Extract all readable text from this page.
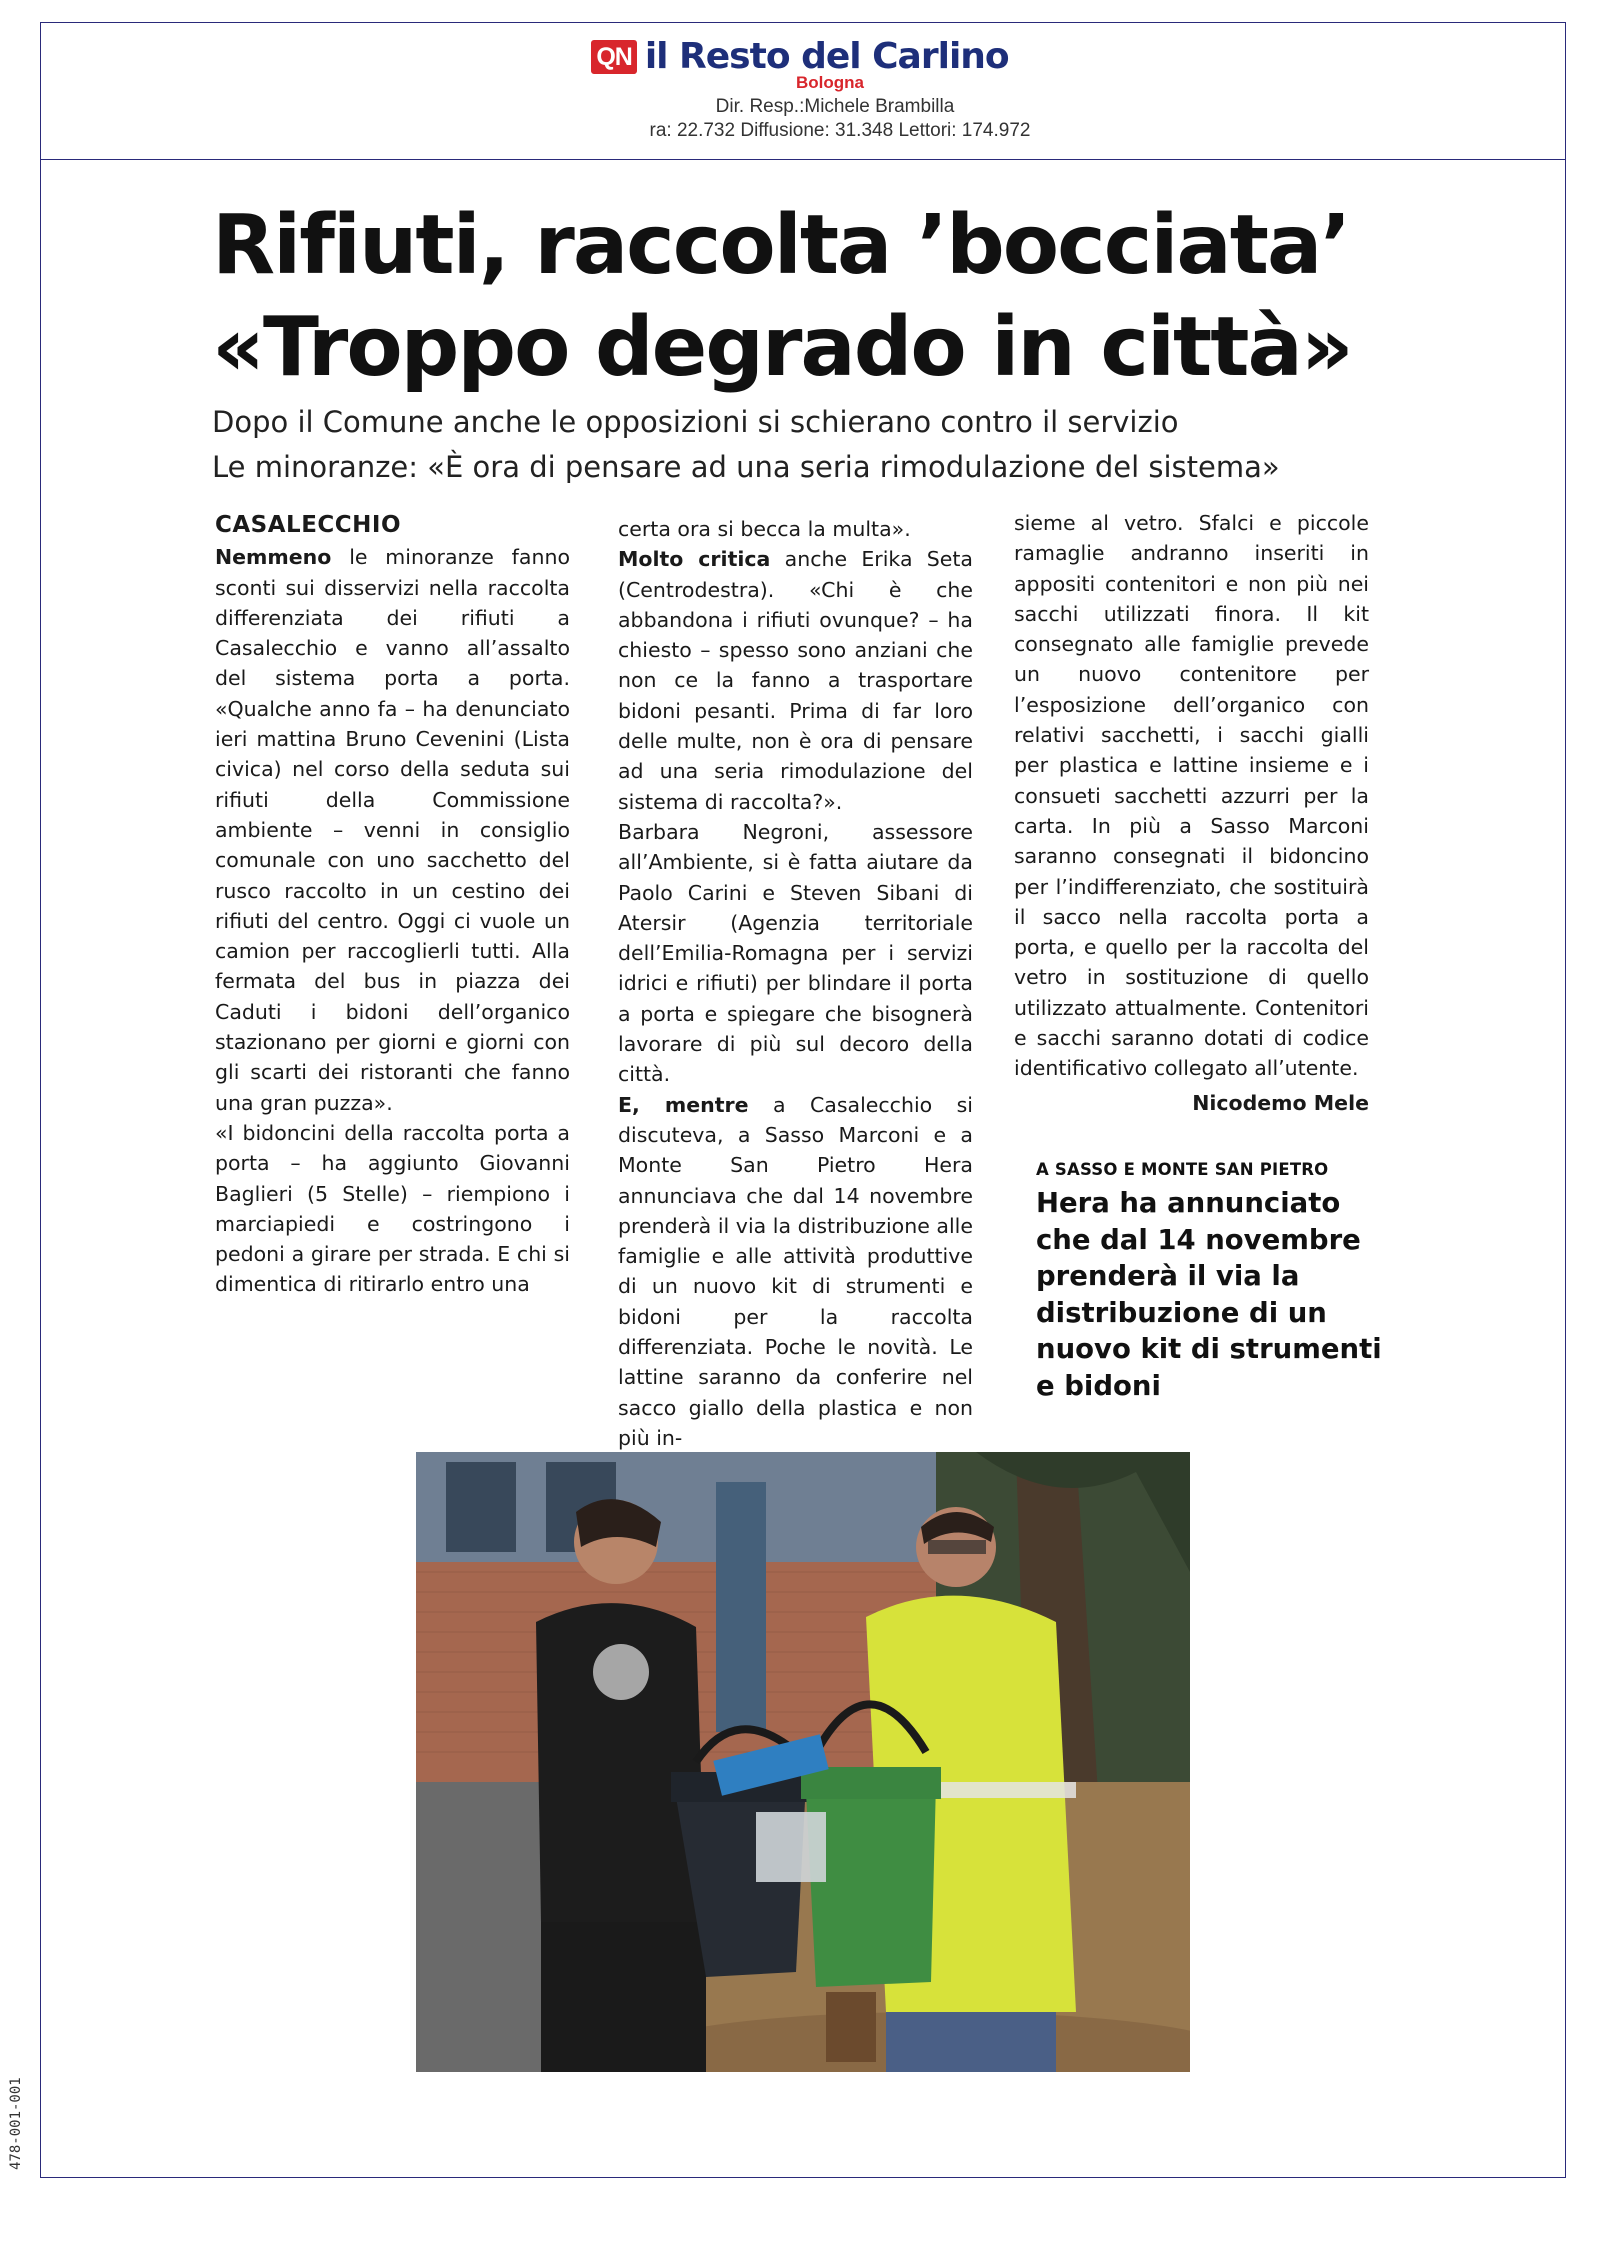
QN il Resto del Carlino
Bologna
Dir. Resp.:Michele Brambilla
ra: 22.732 Diffusione: 31.348 Lettori: 174.972
Rifiuti, raccolta ’bocciata’
«Troppo degrado in città»
Dopo il Comune anche le opposizioni si schierano contro il servizio
Le minoranze: «È ora di pensare ad una seria rimodulazione del sistema»
CASALECCHIO

Nemmeno le minoranze fanno sconti sui disservizi nella raccolta differenziata dei rifiuti a Casalecchio e vanno all’assalto del sistema porta a porta. «Qualche anno fa – ha denunciato ieri mattina Bruno Cevenini (Lista civica) nel corso della seduta sui rifiuti della Commissione ambiente – venni in consiglio comunale con uno sacchetto del rusco raccolto in un cestino dei rifiuti del centro. Oggi ci vuole un camion per raccoglierli tutti. Alla fermata del bus in piazza dei Caduti i bidoni dell’organico stazionano per giorni e giorni con gli scarti dei ristoranti che fanno una gran puzza».

«I bidoncini della raccolta porta a porta – ha aggiunto Giovanni Baglieri (5 Stelle) – riempiono i marciapiedi e costringono i pedoni a girare per strada. E chi si dimentica di ritirarlo entro una

certa ora si becca la multa».

Molto critica anche Erika Seta (Centrodestra). «Chi è che abbandona i rifiuti ovunque? – ha chiesto – spesso sono anziani che non ce la fanno a trasportare bidoni pesanti. Prima di far loro delle multe, non è ora di pensare ad una seria rimodulazione del sistema di raccolta?».

Barbara Negroni, assessore all’Ambiente, si è fatta aiutare da Paolo Carini e Steven Sibani di Atersir (Agenzia territoriale dell’Emilia-Romagna per i servizi idrici e rifiuti) per blindare il porta a porta e spiegare che bisognerà lavorare di più sul decoro della città.

E, mentre a Casalecchio si discuteva, a Sasso Marconi e a Monte San Pietro Hera annunciava che dal 14 novembre prenderà il via la distribuzione alle famiglie e alle attività produttive di un nuovo kit di strumenti e bidoni per la raccolta differenziata. Poche le novità. Le lattine saranno da conferire nel sacco giallo della plastica e non più in-

sieme al vetro. Sfalci e piccole ramaglie andranno inseriti in appositi contenitori e non più nei sacchi utilizzati finora. Il kit consegnato alle famiglie prevede un nuovo contenitore per l’esposizione dell’organico con relativi sacchetti, i sacchi gialli per plastica e lattine insieme e i consueti sacchetti azzurri per la carta. In più a Sasso Marconi saranno consegnati il bidoncino per l’indifferenziato, che sostituirà il sacco nella raccolta porta a porta, e quello per la raccolta del vetro in sostituzione di quello utilizzato attualmente. Contenitori e sacchi saranno dotati di codice identificativo collegato all’utente.

Nicodemo Mele
A SASSO E MONTE SAN PIETRO
Hera ha annunciato che dal 14 novembre prenderà il via la distribuzione di un nuovo kit di strumenti e bidoni
478-001-001
